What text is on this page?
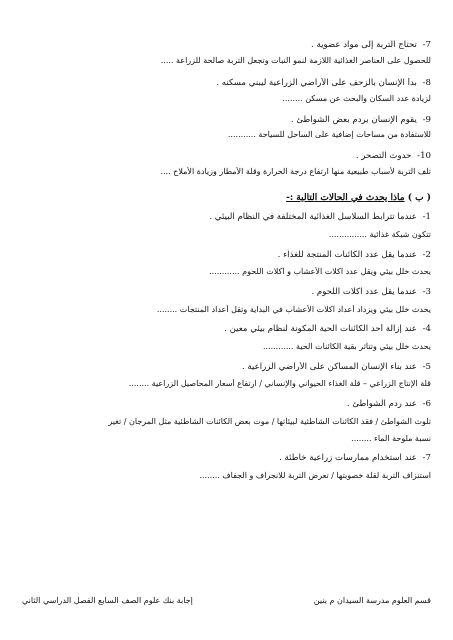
7- تحتاج التربة إلى مواد عضوية .
للحصول على العناصر الغذائية اللازمة لنمو النبات وتجعل التربة صالحة للزراعة .....
8- بدأ الإنسان بالزحف على الأراضي الزراعية ليبني مسكنه .
لزيادة عدد السكان والبحث عن مسكن ........
9- يقوم الإنسان بردم بعض الشواطئ .
للاستفادة من مساحات إضافية على الساحل للسياحة ...........
10- حدوث التصحر .
تلف التربة لأسباب طبيعية منها ارتفاع درجة الحرارة وقلة الأمطار وزيادة الأملاح ....
( ب ) ماذا يحدث في الحالات التالية :-
1- عندما تترابط السلاسل الغذائية المختلفة في النظام البيئي .
تتكون شبكة غذائية ...............
2- عندما يقل عدد الكائنات المنتجة للغذاء .
يحدث خلل بيئي ويقل عدد آكلات الأعشاب و آكلات اللحوم ............
3- عندما يقل عدد آكلات اللحوم .
يحدث خلل بيئي ويزداد أعداد آكلات الأعشاب في البداية وتقل أعداد المنتجات ........
4- عند إزالة أحد الكائنات الحية المكونة لنظام بيئي معين .
يحدث خلل بيئي وتتأثر بقية الكائنات الحية ............
5- عند بناء الإنسان المساكن على الأراضي الزراعية .
قلة الإنتاج الزراعي – قلة الغذاء الحيواني والإنساني / ارتفاع أسعار المحاصيل الزراعية ........
6- عند ردم الشواطئ .
تلوث الشواطئ / فقد الكائنات الشاطئية لبيئاتها / موت بعض الكائنات الشاطئية مثل المرجان / تغير
نسبة ملوحة الماء ........
7- عند استخدام ممارسات زراعية خاطئة .
استنزاف التربة لقلة خصوبتها / تعرض التربة للانجراف و الجفاف ........
قسم العلوم مدرسة السيدان م بنين
إجابة بنك علوم الصف السابع الفصل الدراسي الثاني
